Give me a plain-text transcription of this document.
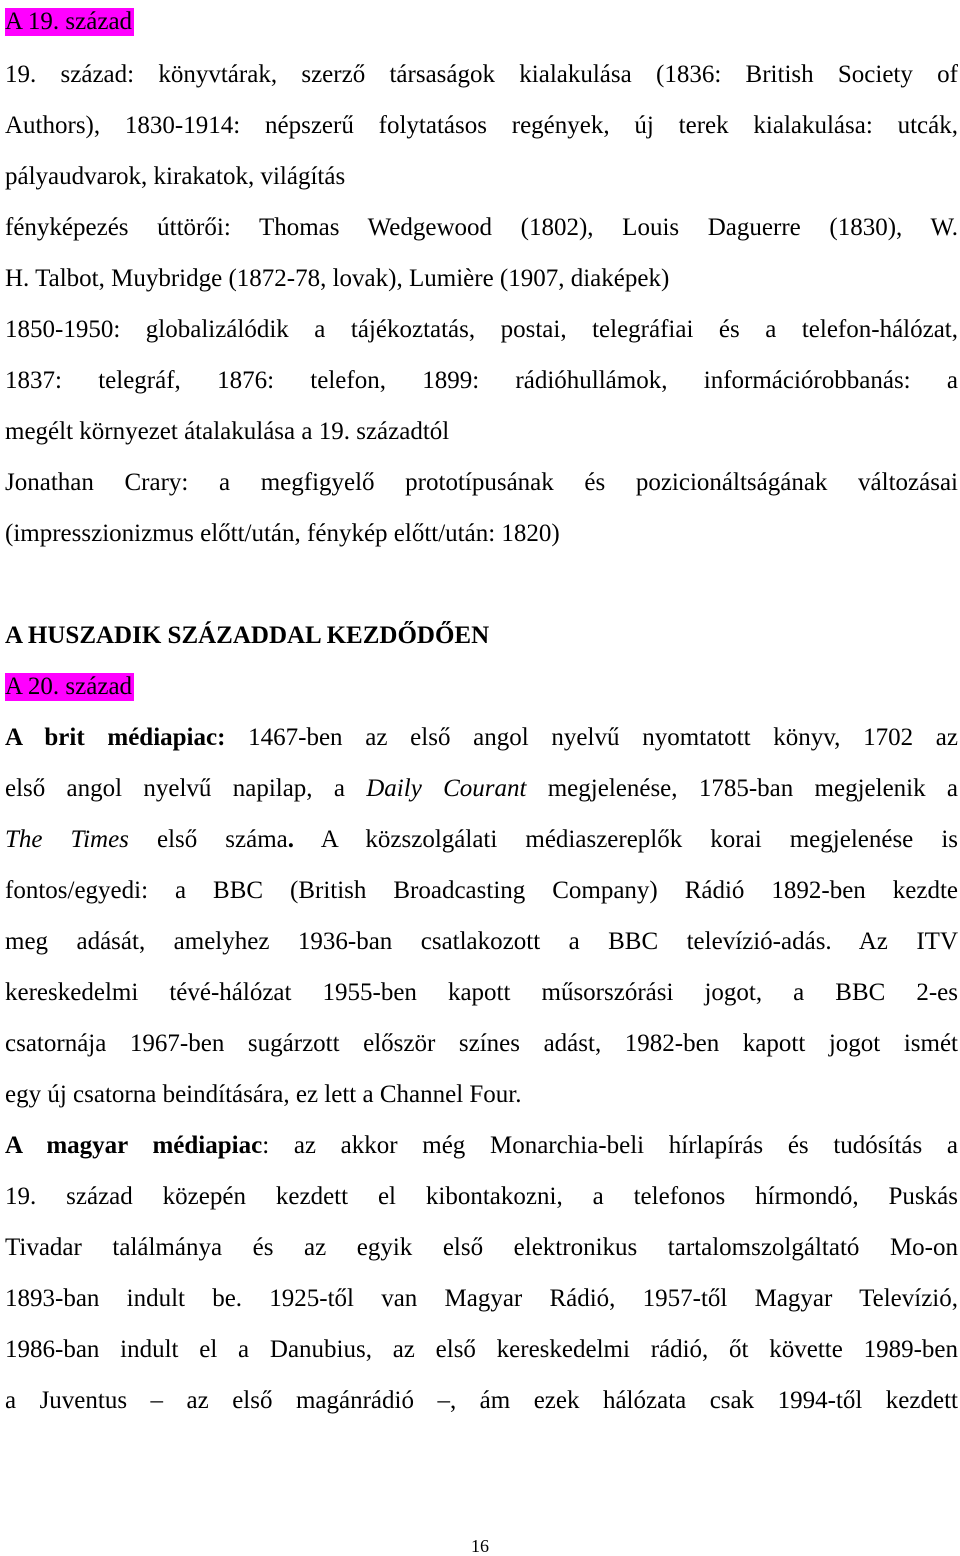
A 19. század
19. század: könyvtárak, szerző társaságok kialakulása (1836: British Society of
Authors), 1830-1914: népszerű folytatásos regények, új terek kialakulása: utcák,
pályaudvarok, kirakatok, világítás
fényképezés úttörői: Thomas Wedgewood (1802), Louis Daguerre (1830), W.
H. Talbot, Muybridge (1872-78, lovak), Lumière (1907, diaképek)
1850-1950: globalizálódik a tájékoztatás, postai, telegráfiai és a telefon-hálózat,
1837: telegráf, 1876: telefon, 1899: rádióhullámok, információrobbanás: a
megélt környezet átalakulása a 19. századtól
Jonathan Crary: a megfigyelő prototípusának és pozicionáltságának változásai
(impresszionizmus előtt/után, fénykép előtt/után: 1820)
A HUSZADIK SZÁZADDAL KEZDŐDŐEN
A 20. század
A brit médiapiac: 1467-ben az első angol nyelvű nyomtatott könyv, 1702 az
első angol nyelvű napilap, a Daily Courant megjelenése, 1785-ban megjelenik a
The Times első száma. A közszolgálati médiaszereplők korai megjelenése is
fontos/egyedi: a BBC (British Broadcasting Company) Rádió 1892-ben kezdte
meg adását, amelyhez 1936-ban csatlakozott a BBC televízió-adás. Az ITV
kereskedelmi tévé-hálózat 1955-ben kapott műsorszórási jogot, a BBC 2-es
csatornája 1967-ben sugárzott először színes adást, 1982-ben kapott jogot ismét
egy új csatorna beindítására, ez lett a Channel Four.
A magyar médiapiac: az akkor még Monarchia-beli hírlapírás és tudósítás a
19. század közepén kezdett el kibontakozni, a telefonos hírmondó, Puskás
Tivadar találmánya és az egyik első elektronikus tartalomszolgáltató Mo-on
1893-ban indult be. 1925-től van Magyar Rádió, 1957-től Magyar Televízió,
1986-ban indult el a Danubius, az első kereskedelmi rádió, őt követte 1989-ben
a Juventus – az első magánrádió –, ám ezek hálózata csak 1994-től kezdett
16
